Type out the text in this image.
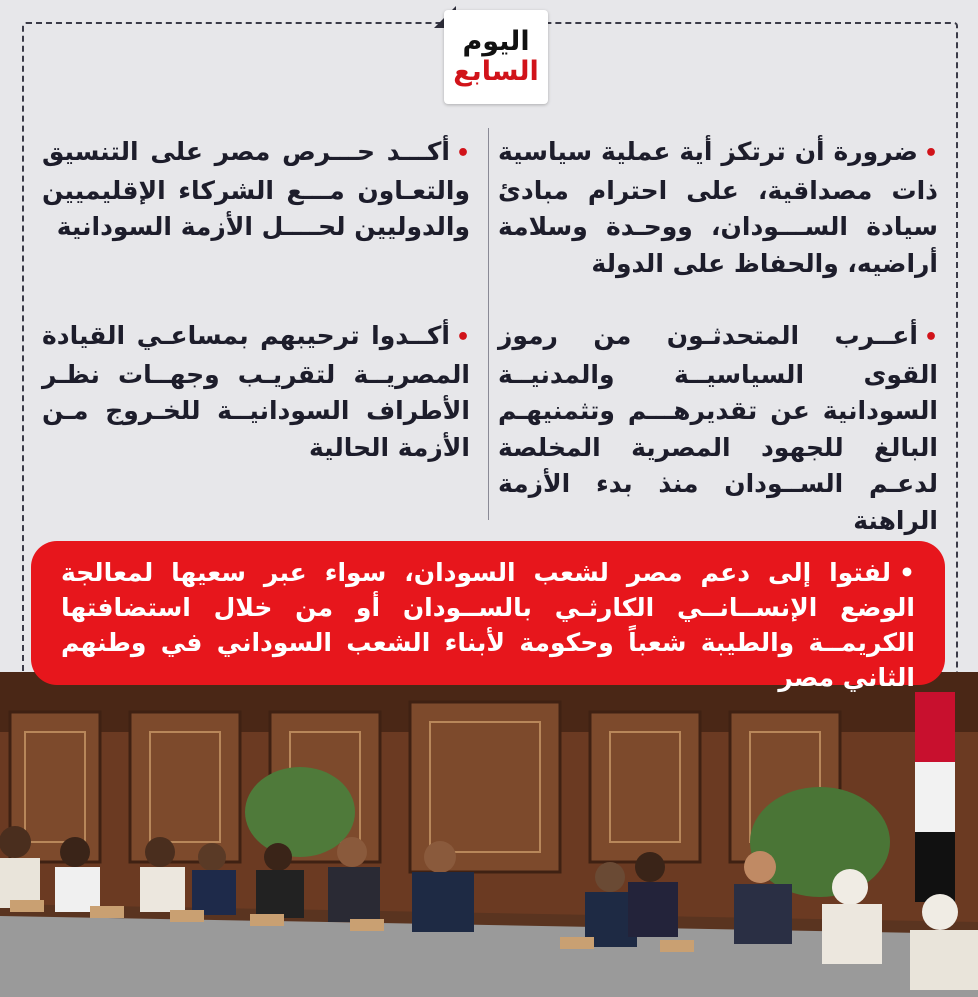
اليوم
السابع
•ضرورة أن ترتكز أية عملية سياسية ذات مصداقية، على احترام مبادئ سيادة الســـودان، ووحـدة وسلامة أراضيه، والحفاظ على الدولة
•أعــرب المتحدثـون من رموز القوى السياسيــة والمدنيــة السودانية عن تقديرهـــم وتثمنيهـم البالغ للجهود المصرية المخلصة لدعـم الســودان منذ بدء الأزمة الراهنة
•أكـــد حـــرص مصر على التنسيق والتعـاون مـــع الشركاء الإقليميين والدوليين لحــــل الأزمة السودانية
•أكــدوا ترحيبهم بمساعـي القيادة المصريــة لتقريـب وجهــات نظـر الأطراف السودانيــة للخـروج مـن الأزمة الحالية
•لفتوا إلى دعم مصر لشعب السودان، سواء عبر سعيها لمعالجة الوضع الإنســانــي الكارثـي بالســودان أو من خلال استضافتها الكريمــة والطيبة شعباً وحكومة لأبناء الشعب السوداني في وطنهم الثاني مصر
